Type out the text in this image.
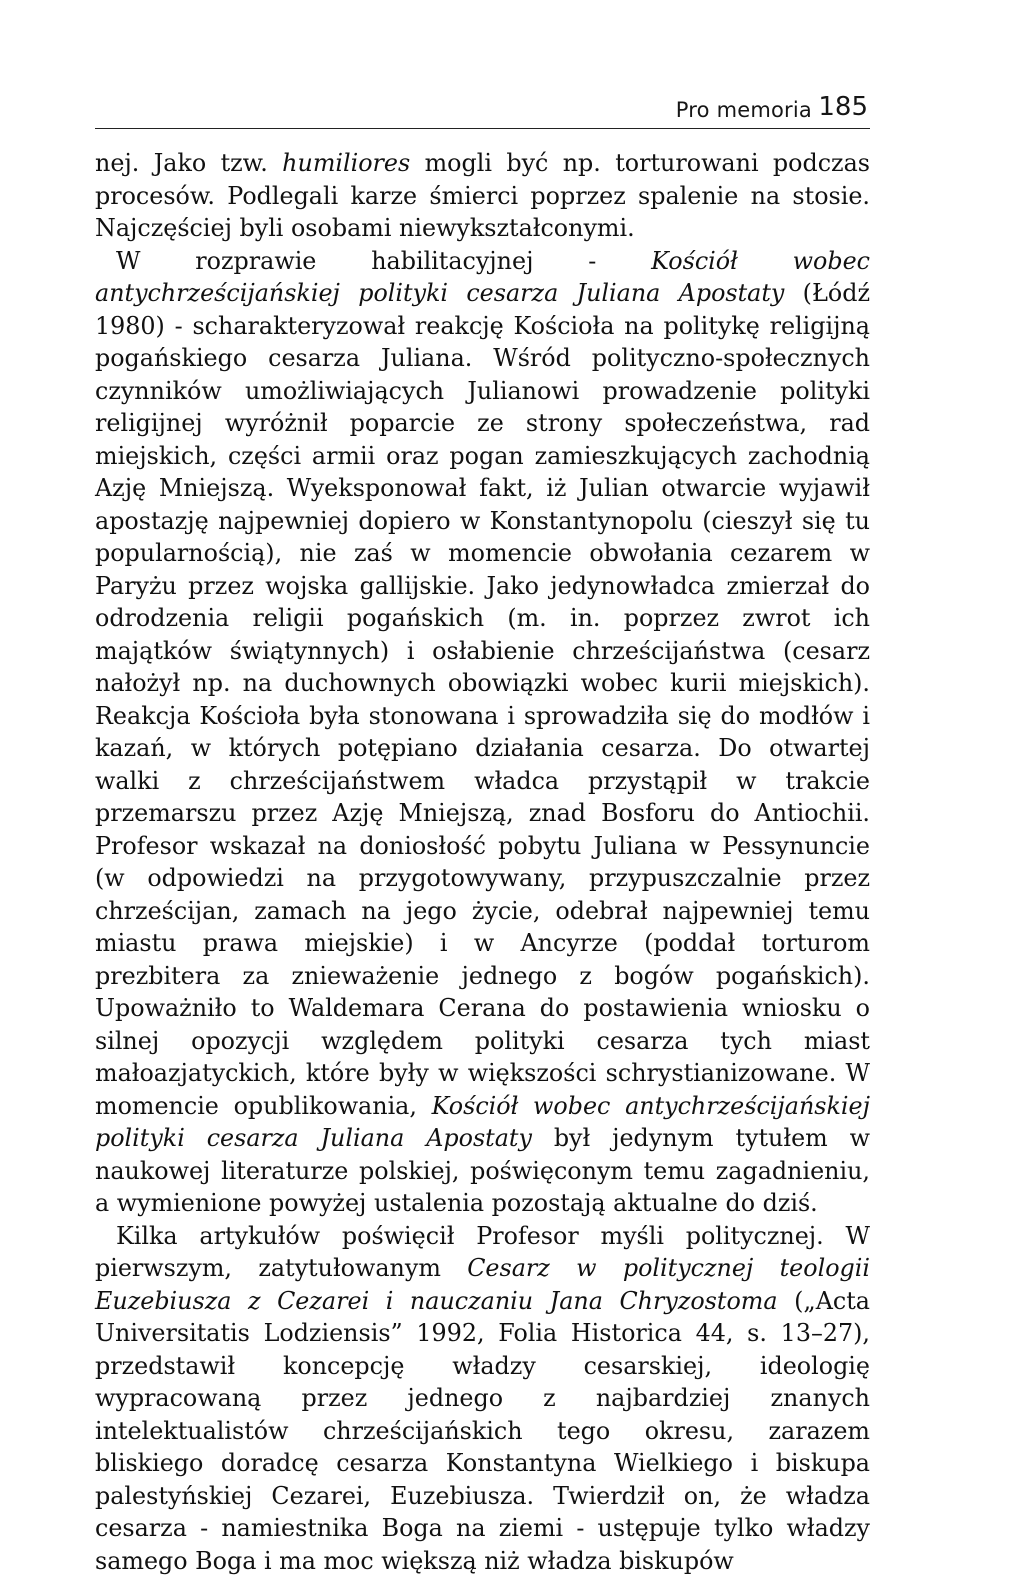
Pro memoria 185

nej. Jako tzw. humiliores mogli być np. torturowani podczas procesów. Podlegali karze śmierci poprzez spalenie na stosie. Najczęściej byli osobami niewykształconymi.

W rozprawie habilitacyjnej - Kościół wobec antychrześcijańskiej polityki cesarza Juliana Apostaty (Łódź 1980) - scharakteryzował reakcję Kościoła na politykę religijną pogańskiego cesarza Juliana. Wśród polityczno-społecznych czynników umożliwiających Julianowi prowadzenie polityki religijnej wyróżnił poparcie ze strony społeczeństwa, rad miejskich, części armii oraz pogan zamieszkujących zachodnią Azję Mniejszą. Wyeksponował fakt, iż Julian otwarcie wyjawił apostazję najpewniej dopiero w Konstantynopolu (cieszył się tu popularnością), nie zaś w momencie obwołania cezarem w Paryżu przez wojska gallijskie. Jako jedynowładca zmierzał do odrodzenia religii pogańskich (m. in. poprzez zwrot ich majątków świątynnych) i osłabienie chrześcijaństwa (cesarz nałożył np. na duchownych obowiązki wobec kurii miejskich). Reakcja Kościoła była stonowana i sprowadziła się do modłów i kazań, w których potępiano działania cesarza. Do otwartej walki z chrześcijaństwem władca przystąpił w trakcie przemarszu przez Azję Mniejszą, znad Bosforu do Antiochii. Profesor wskazał na doniosłość pobytu Juliana w Pessynuncie (w odpowiedzi na przygotowywany, przypuszczalnie przez chrześcijan, zamach na jego życie, odebrał najpewniej temu miastu prawa miejskie) i w Ancyrze (poddał torturom prezbitera za znieważenie jednego z bogów pogańskich). Upoważniło to Waldemara Cerana do postawienia wniosku o silnej opozycji względem polityki cesarza tych miast małoazjatyckich, które były w większości schrystianizowane. W momencie opublikowania, Kościół wobec antychrześcijańskiej polityki cesarza Juliana Apostaty był jedynym tytułem w naukowej literaturze polskiej, poświęconym temu zagadnieniu, a wymienione powyżej ustalenia pozostają aktualne do dziś.

Kilka artykułów poświęcił Profesor myśli politycznej. W pierwszym, zatytułowanym Cesarz w politycznej teologii Euzebiusza z Cezarei i nauczaniu Jana Chryzostoma („Acta Universitatis Lodziensis” 1992, Folia Historica 44, s. 13–27), przedstawił koncepcję władzy cesarskiej, ideologię wypracowaną przez jednego z najbardziej znanych intelektualistów chrześcijańskich tego okresu, zarazem bliskiego doradcę cesarza Konstantyna Wielkiego i biskupa palestyńskiej Cezarei, Euzebiusza. Twierdził on, że władza cesarza - namiestnika Boga na ziemi - ustępuje tylko władzy samego Boga i ma moc większą niż władza biskupów
